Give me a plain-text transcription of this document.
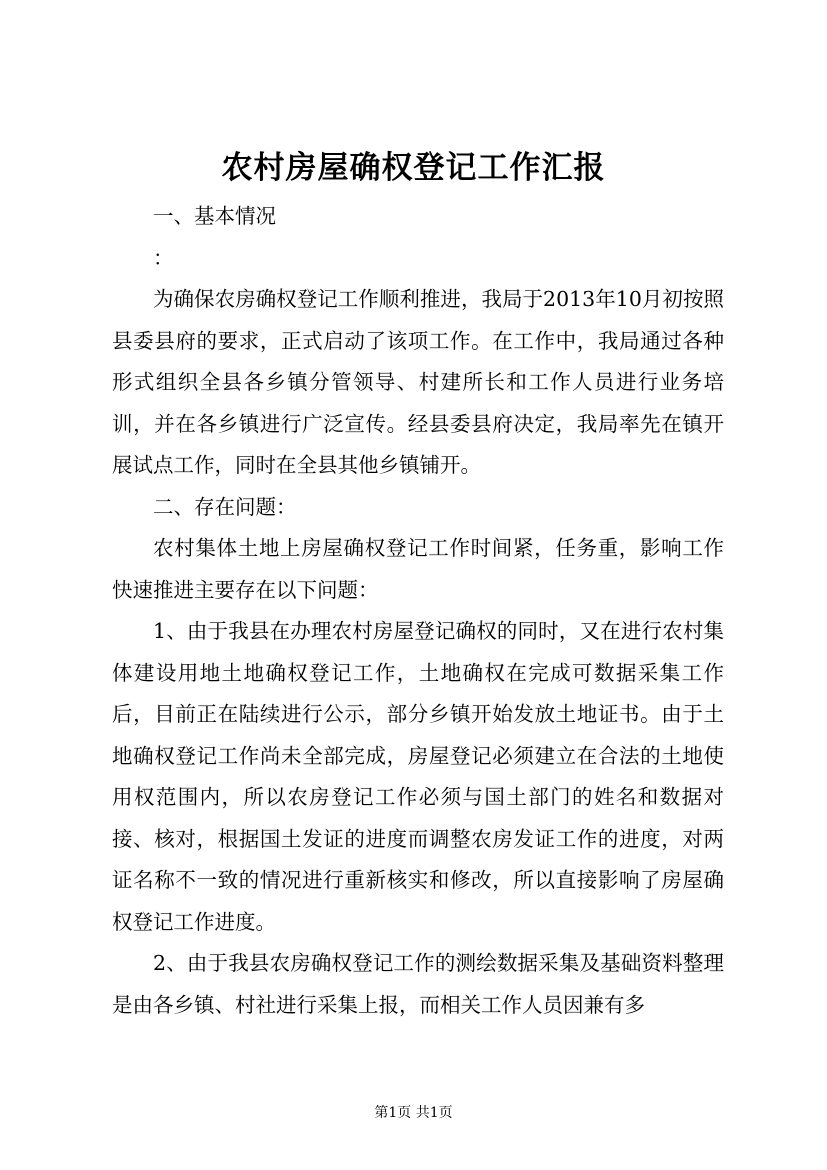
农村房屋确权登记工作汇报

一、基本情况

：

为确保农房确权登记工作顺利推进，我局于2013年10月初按照县委县府的要求，正式启动了该项工作。在工作中，我局通过各种形式组织全县各乡镇分管领导、村建所长和工作人员进行业务培训，并在各乡镇进行广泛宣传。经县委县府决定，我局率先在镇开展试点工作，同时在全县其他乡镇铺开。

二、存在问题：

农村集体土地上房屋确权登记工作时间紧，任务重，影响工作快速推进主要存在以下问题：

1、由于我县在办理农村房屋登记确权的同时，又在进行农村集体建设用地土地确权登记工作，土地确权在完成可数据采集工作后，目前正在陆续进行公示，部分乡镇开始发放土地证书。由于土地确权登记工作尚未全部完成，房屋登记必须建立在合法的土地使用权范围内，所以农房登记工作必须与国土部门的姓名和数据对接、核对，根据国土发证的进度而调整农房发证工作的进度，对两证名称不一致的情况进行重新核实和修改，所以直接影响了房屋确权登记工作进度。

2、由于我县农房确权登记工作的测绘数据采集及基础资料整理是由各乡镇、村社进行采集上报，而相关工作人员因兼有多

第1页 共1页
